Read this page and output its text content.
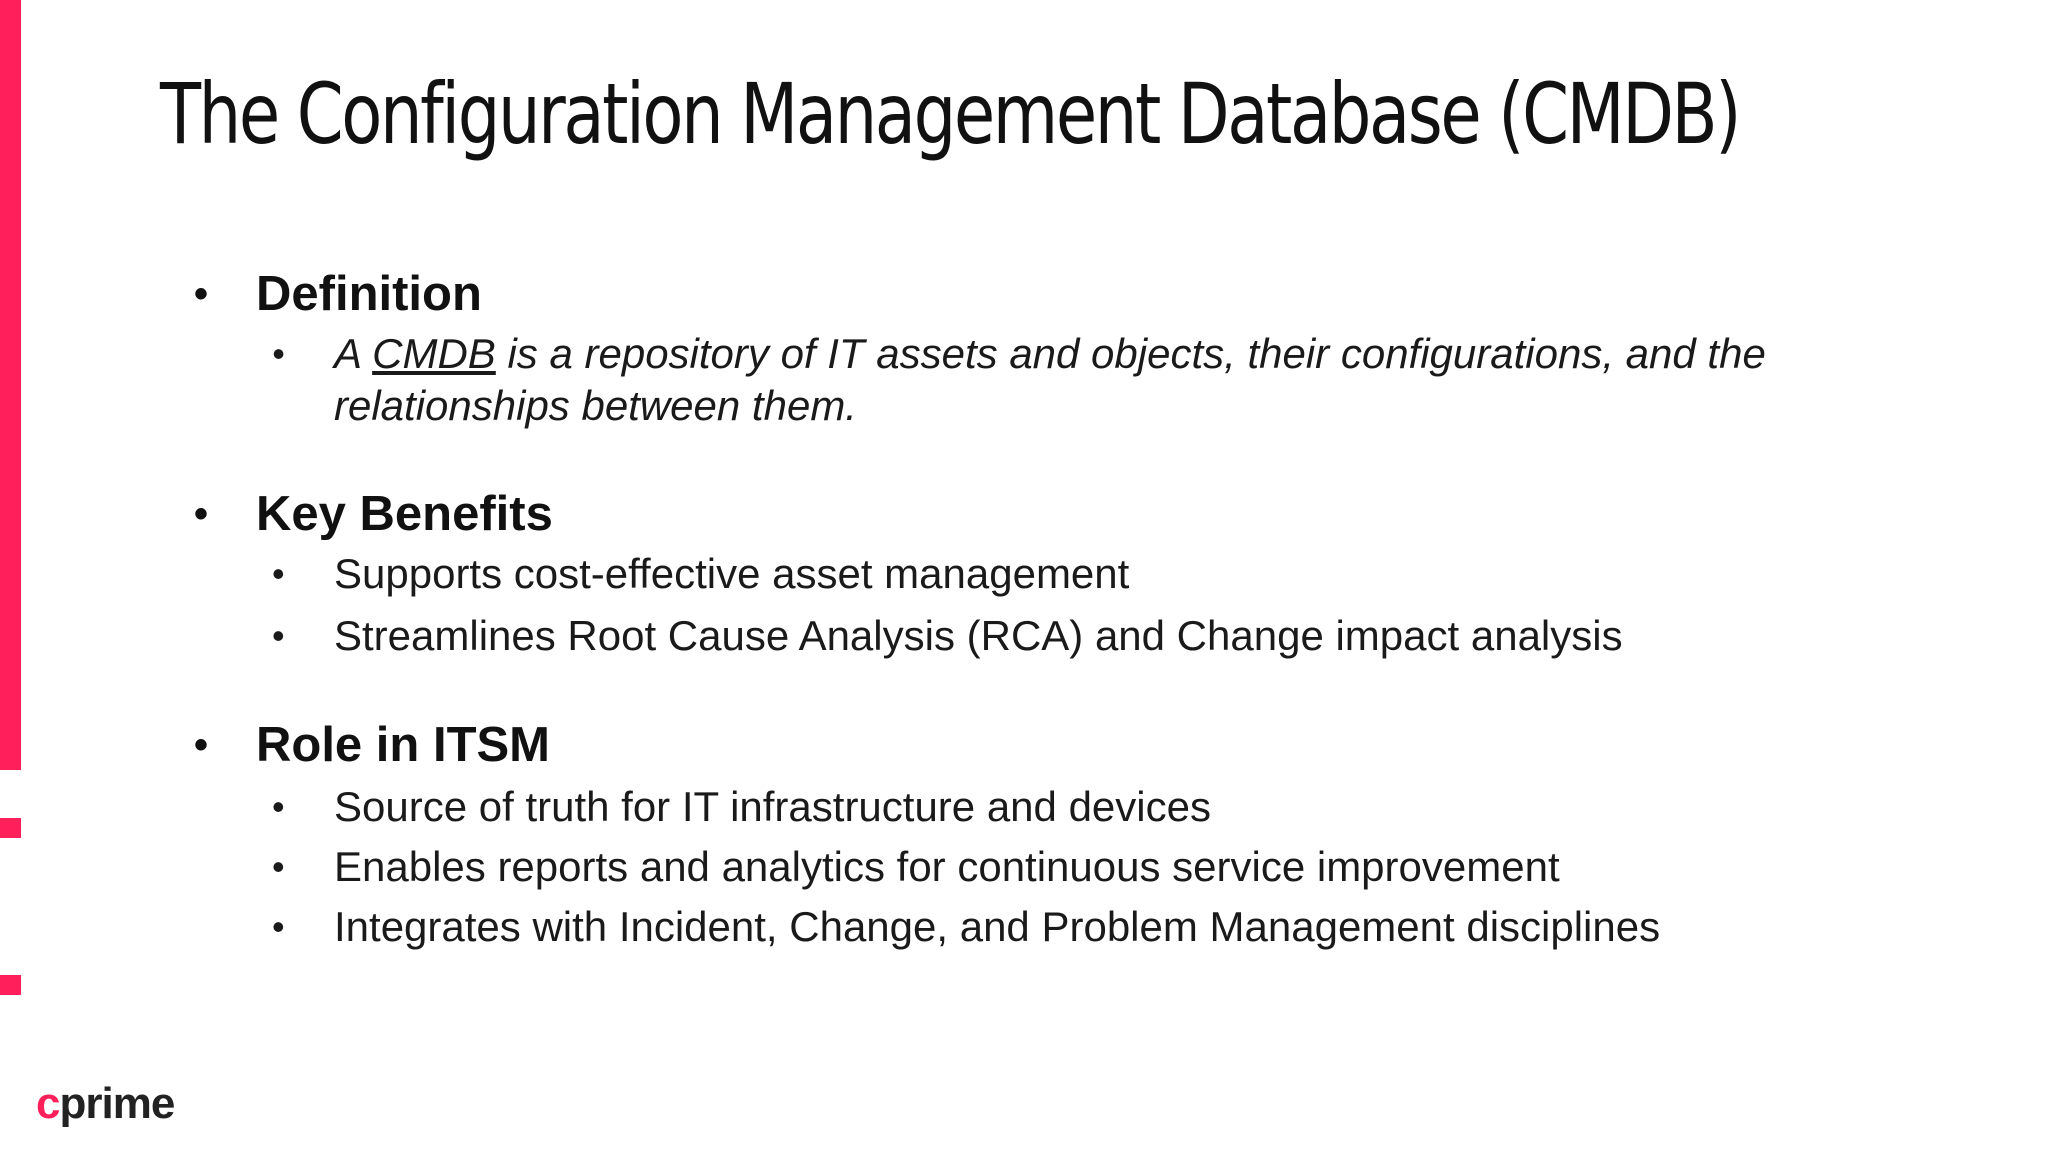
The Configuration Management Database (CMDB)
• Definition
• A CMDB is a repository of IT assets and objects, their configurations, and the relationships between them.
• Key Benefits
• Supports cost-effective asset management
• Streamlines Root Cause Analysis (RCA) and Change impact analysis
• Role in ITSM
• Source of truth for IT infrastructure and devices
• Enables reports and analytics for continuous service improvement
• Integrates with Incident, Change, and Problem Management disciplines
cprime
